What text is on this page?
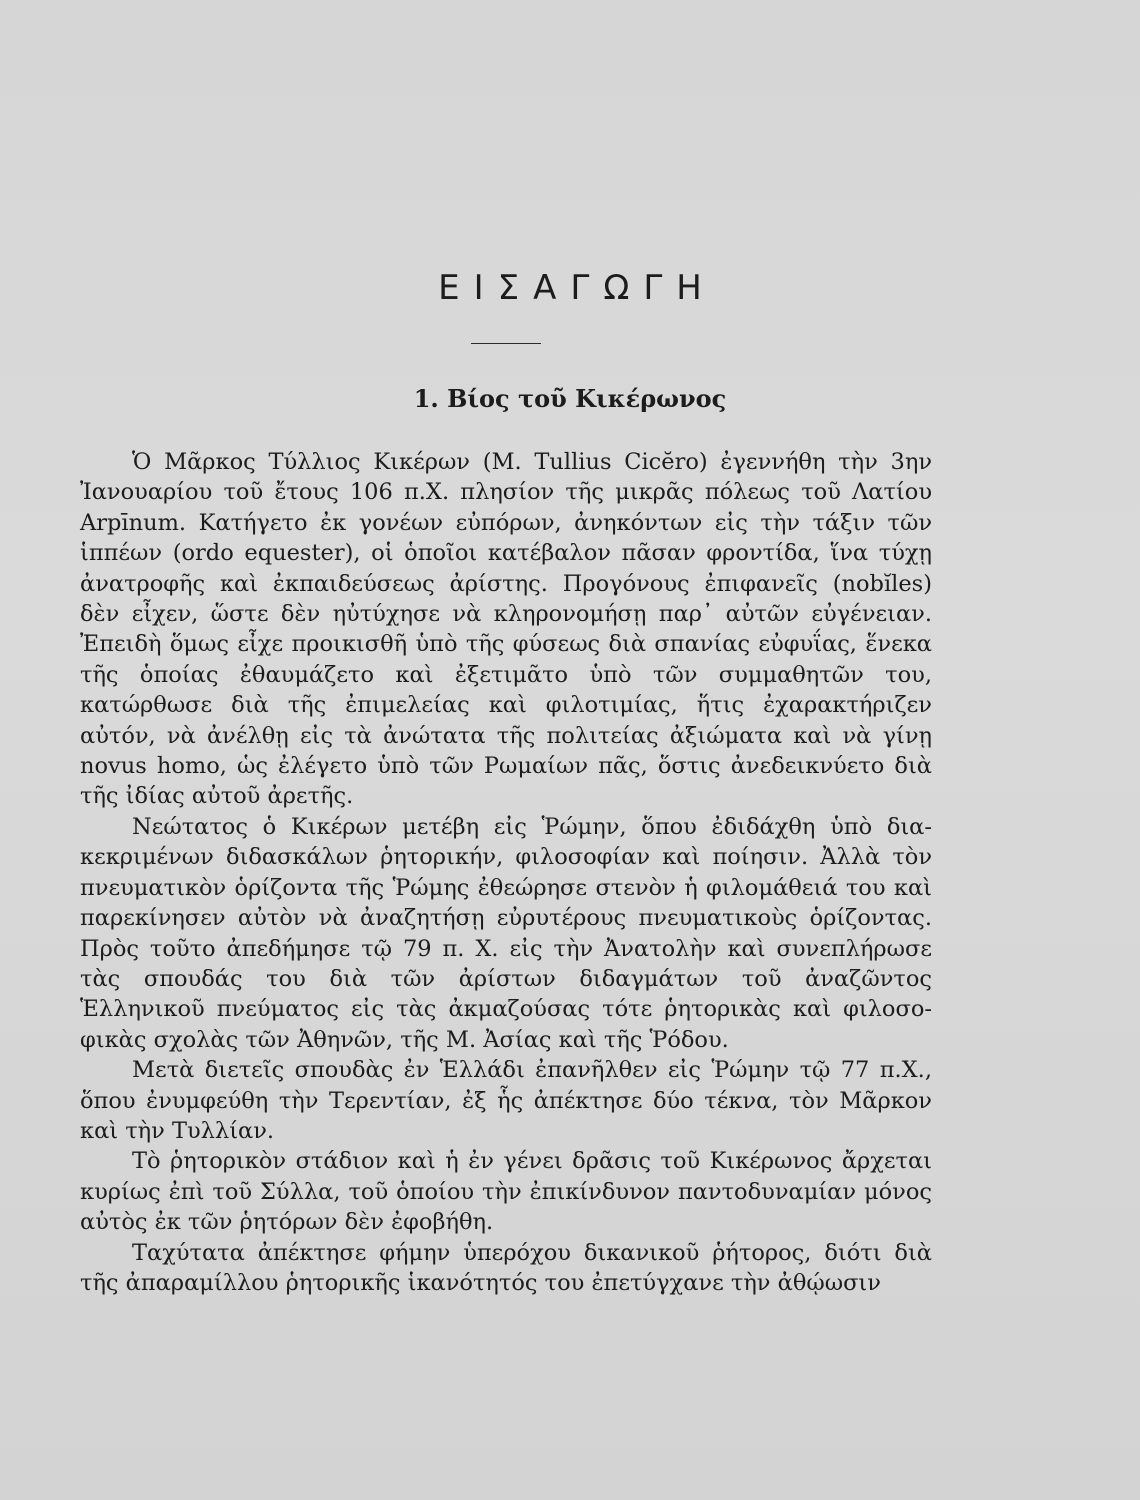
ΕΙΣΑΓΩΓΗ
1. Βίος τοῦ Κικέρωνος

Ὁ Μᾶρκος Τύλλιος Κικέρων (M. Tullius Cicĕro) ἐγεννήθη τὴν 3ην Ἰανουαρίου τοῦ ἔτους 106 π.Χ. πλησίον τῆς μικρᾶς πόλεως τοῦ Λατίου Arpīnum. Κατήγετο ἐκ γονέων εὐπόρων, ἀνηκόντων εἰς τὴν τάξιν τῶν ἱππέων (ordo equester), οἱ ὁποῖοι κατέβαλον πᾶσαν φροντίδα, ἵνα τύχῃ ἀνατροφῆς καὶ ἐκπαιδεύσεως ἀρίστης. Προγόνους ἐπιφανεῖς (nobĭles) δὲν εἶχεν, ὥστε δὲν ηὐτύχησε νὰ κληρονομήσῃ παρ᾽ αὐτῶν εὐγένειαν. Ἐπειδὴ ὅμως εἶχε προικισθῆ ὑπὸ τῆς φύσεως διὰ σπανίας εὐφυΐας, ἕνεκα τῆς ὁποίας ἐθαυμάζετο καὶ ἐξετιμᾶτο ὑπὸ τῶν συμμαθητῶν του, κατώρθωσε διὰ τῆς ἐπιμελείας καὶ φιλοτιμίας, ἥτις ἐχαρακτήριζεν αὐτόν, νὰ ἀνέλθῃ εἰς τὰ ἀνώτατα τῆς πολιτείας ἀξιώματα καὶ νὰ γίνῃ novus homo, ὡς ἐλέγετο ὑπὸ τῶν Ρωμαίων πᾶς, ὅστις ἀνεδεικνύετο διὰ τῆς ἰδίας αὐτοῦ ἀρετῆς.

Νεώτατος ὁ Κικέρων μετέβη εἰς Ῥώμην, ὅπου ἐδιδάχθη ὑπὸ διακεκριμένων διδασκάλων ῥητορικήν, φιλοσοφίαν καὶ ποίησιν. Ἀλλὰ τὸν πνευματικὸν ὁρίζοντα τῆς Ῥώμης ἐθεώρησε στενὸν ἡ φιλομάθειά του καὶ παρεκίνησεν αὐτὸν νὰ ἀναζητήσῃ εὐρυτέρους πνευματικοὺς ὁρίζοντας. Πρὸς τοῦτο ἀπεδήμησε τῷ 79 π. Χ. εἰς τὴν Ἀνατολὴν καὶ συνεπλήρωσε τὰς σπουδάς του διὰ τῶν ἀρίστων διδαγμάτων τοῦ ἀναζῶντος Ἑλληνικοῦ πνεύματος εἰς τὰς ἀκμαζούσας τότε ῥητορικὰς καὶ φιλοσοφικὰς σχολὰς τῶν Ἀθηνῶν, τῆς Μ. Ἀσίας καὶ τῆς Ῥόδου.

Μετὰ διετεῖς σπουδὰς ἐν Ἑλλάδι ἐπανῆλθεν εἰς Ῥώμην τῷ 77 π.Χ., ὅπου ἐνυμφεύθη τὴν Τερεντίαν, ἐξ ἧς ἀπέκτησε δύο τέκνα, τὸν Μᾶρκον καὶ τὴν Τυλλίαν.

Τὸ ῥητορικὸν στάδιον καὶ ἡ ἐν γένει δρᾶσις τοῦ Κικέρωνος ἄρχεται κυρίως ἐπὶ τοῦ Σύλλα, τοῦ ὁποίου τὴν ἐπικίνδυνον παντοδυναμίαν μόνος αὐτὸς ἐκ τῶν ῥητόρων δὲν ἐφοβήθη.

Ταχύτατα ἀπέκτησε φήμην ὑπερόχου δικανικοῦ ῥήτορος, διότι διὰ τῆς ἀπαραμίλλου ῥητορικῆς ἱκανότητός του ἐπετύγχανε τὴν ἀθῴωσιν
